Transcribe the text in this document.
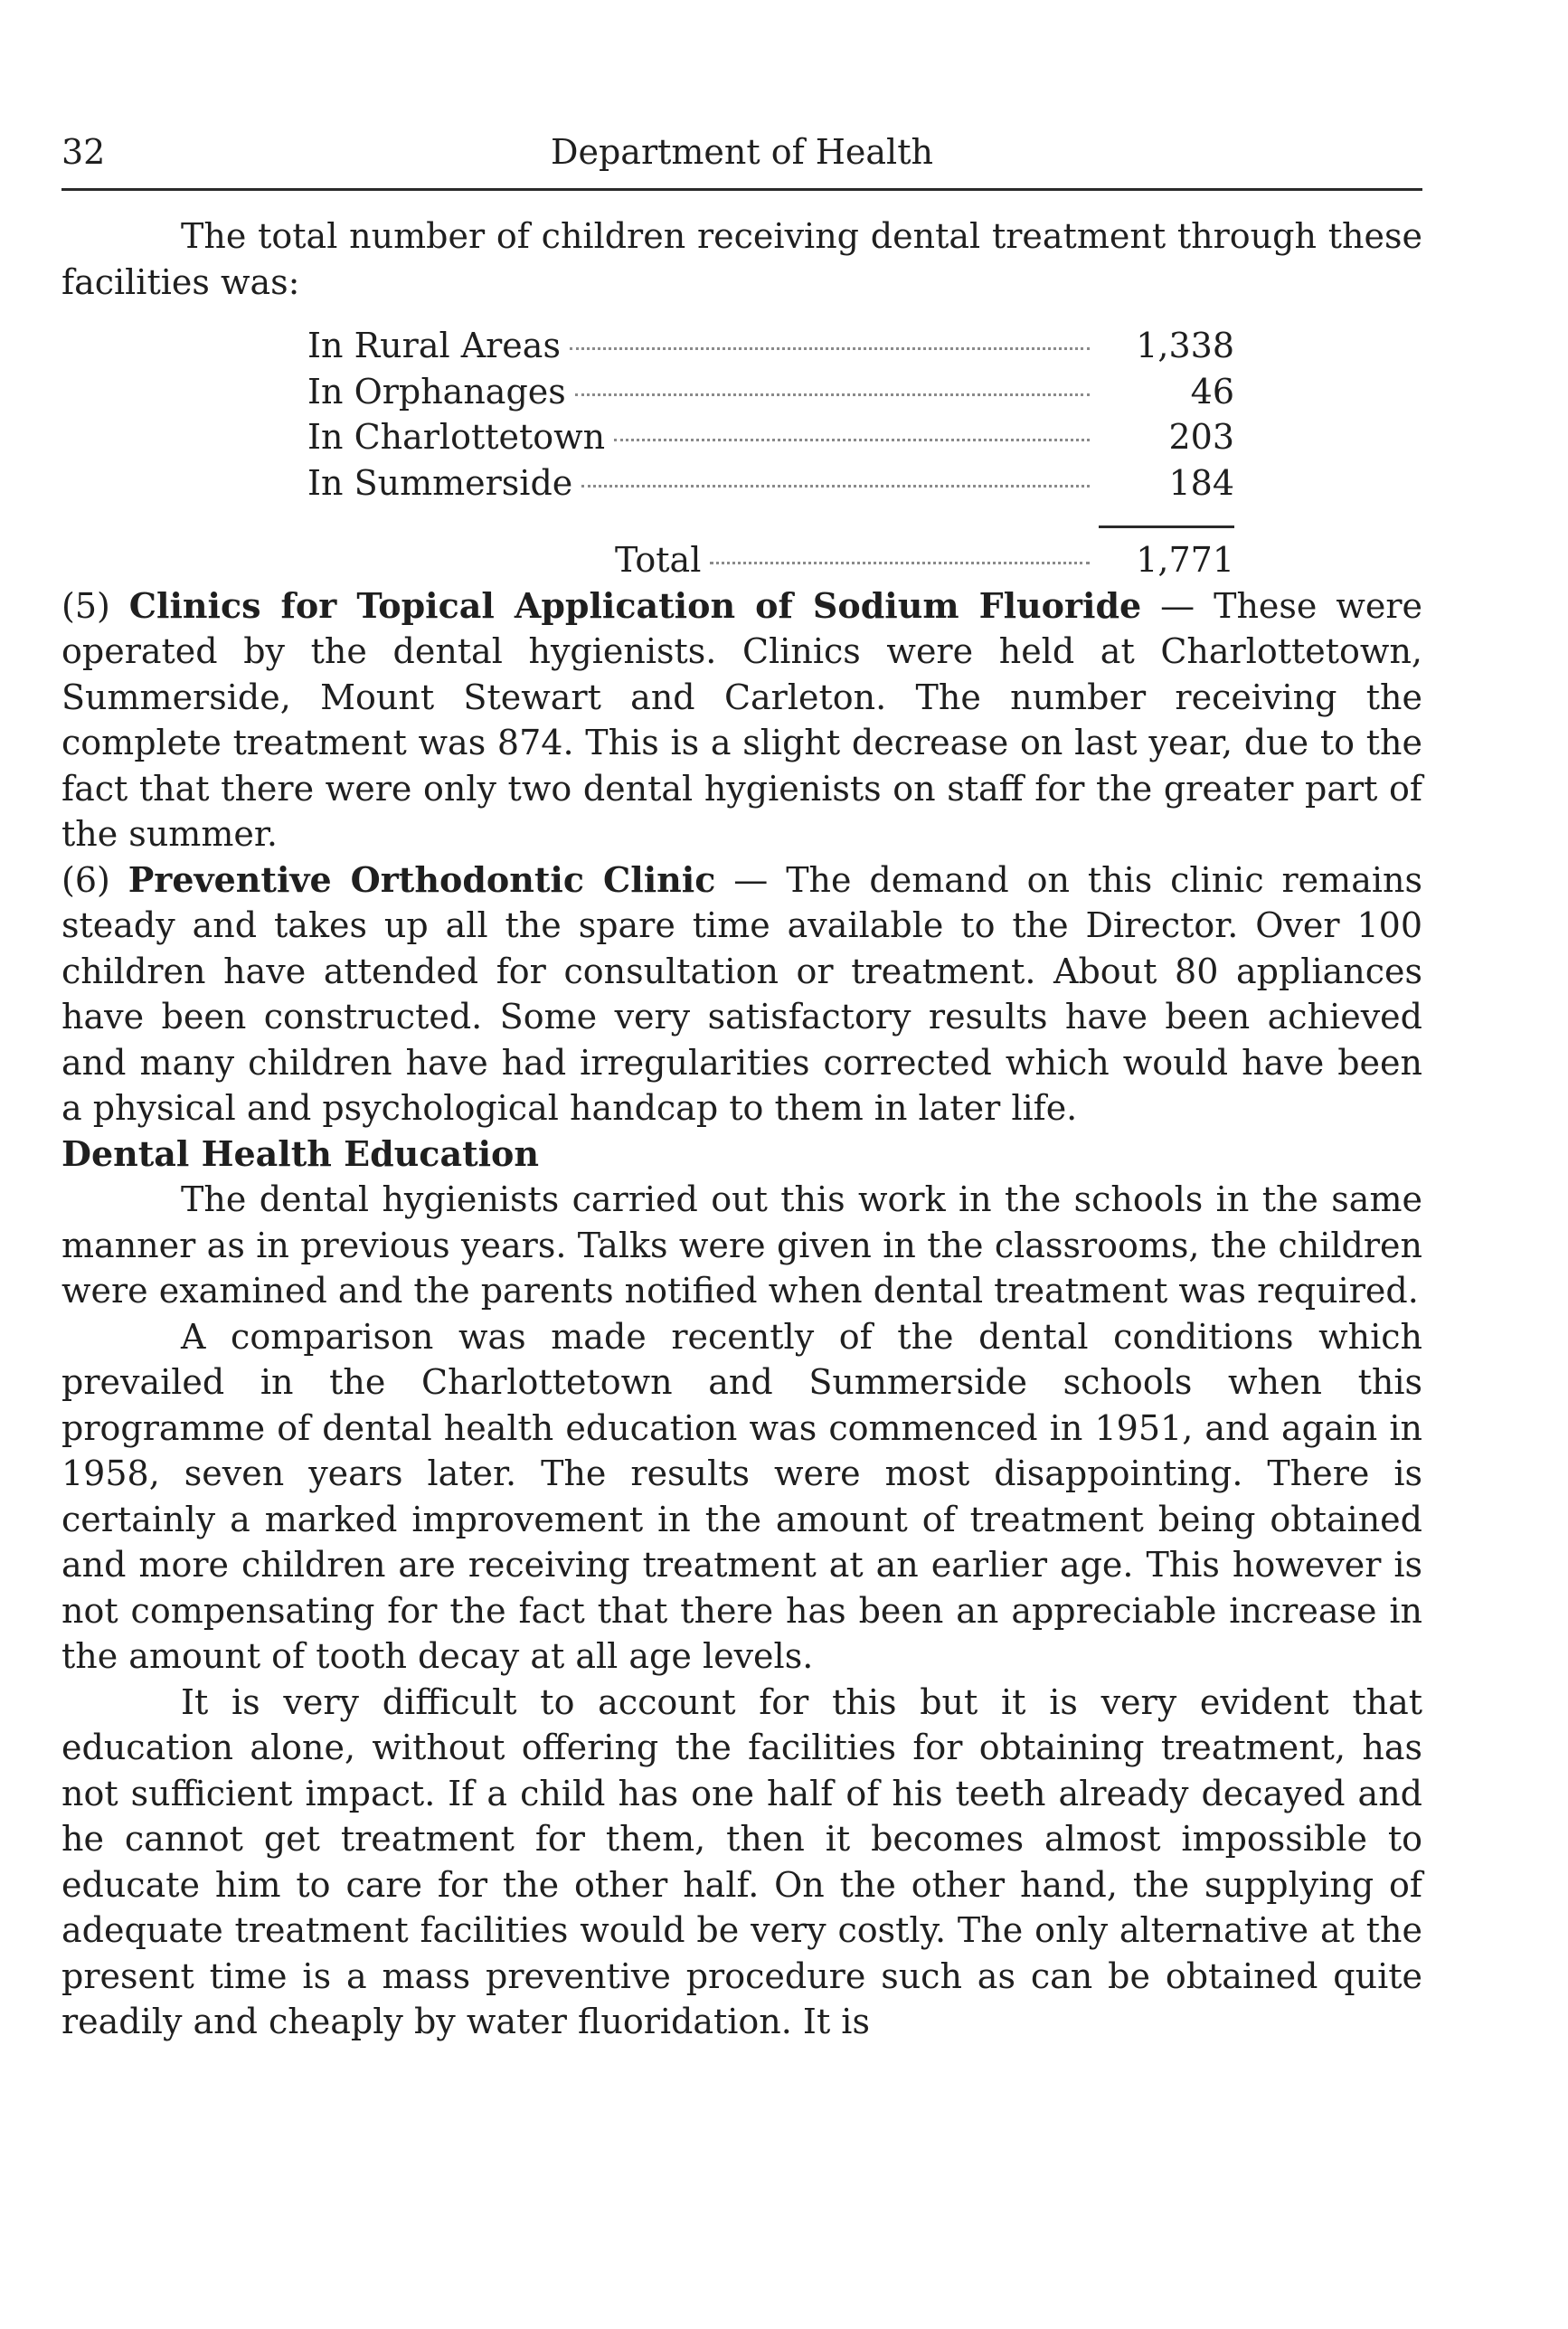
32	Department of Health

The total number of children receiving dental treatment through these facilities was:

In Rural Areas	1,338
In Orphanages	46
In Charlottetown	203
In Summerside	184
Total	1,771

(5) Clinics for Topical Application of Sodium Fluoride — These were operated by the dental hygienists. Clinics were held at Charlottetown, Summerside, Mount Stewart and Carleton. The number receiving the complete treatment was 874. This is a slight decrease on last year, due to the fact that there were only two dental hygienists on staff for the greater part of the summer.

(6) Preventive Orthodontic Clinic — The demand on this clinic remains steady and takes up all the spare time available to the Director. Over 100 children have attended for consultation or treatment. About 80 appliances have been constructed. Some very satisfactory results have been achieved and many children have had irregularities corrected which would have been a physical and psychological handcap to them in later life.

Dental Health Education

The dental hygienists carried out this work in the schools in the same manner as in previous years. Talks were given in the classrooms, the children were examined and the parents notified when dental treatment was required.

A comparison was made recently of the dental conditions which prevailed in the Charlottetown and Summerside schools when this programme of dental health education was commenced in 1951, and again in 1958, seven years later. The results were most disappointing. There is certainly a marked improvement in the amount of treatment being obtained and more children are receiving treatment at an earlier age. This however is not compensating for the fact that there has been an appreciable increase in the amount of tooth decay at all age levels.

It is very difficult to account for this but it is very evident that education alone, without offering the facilities for obtaining treatment, has not sufficient impact. If a child has one half of his teeth already decayed and he cannot get treatment for them, then it becomes almost impossible to educate him to care for the other half. On the other hand, the supplying of adequate treatment facilities would be very costly. The only alternative at the present time is a mass preventive procedure such as can be obtained quite readily and cheaply by water fluoridation. It is
